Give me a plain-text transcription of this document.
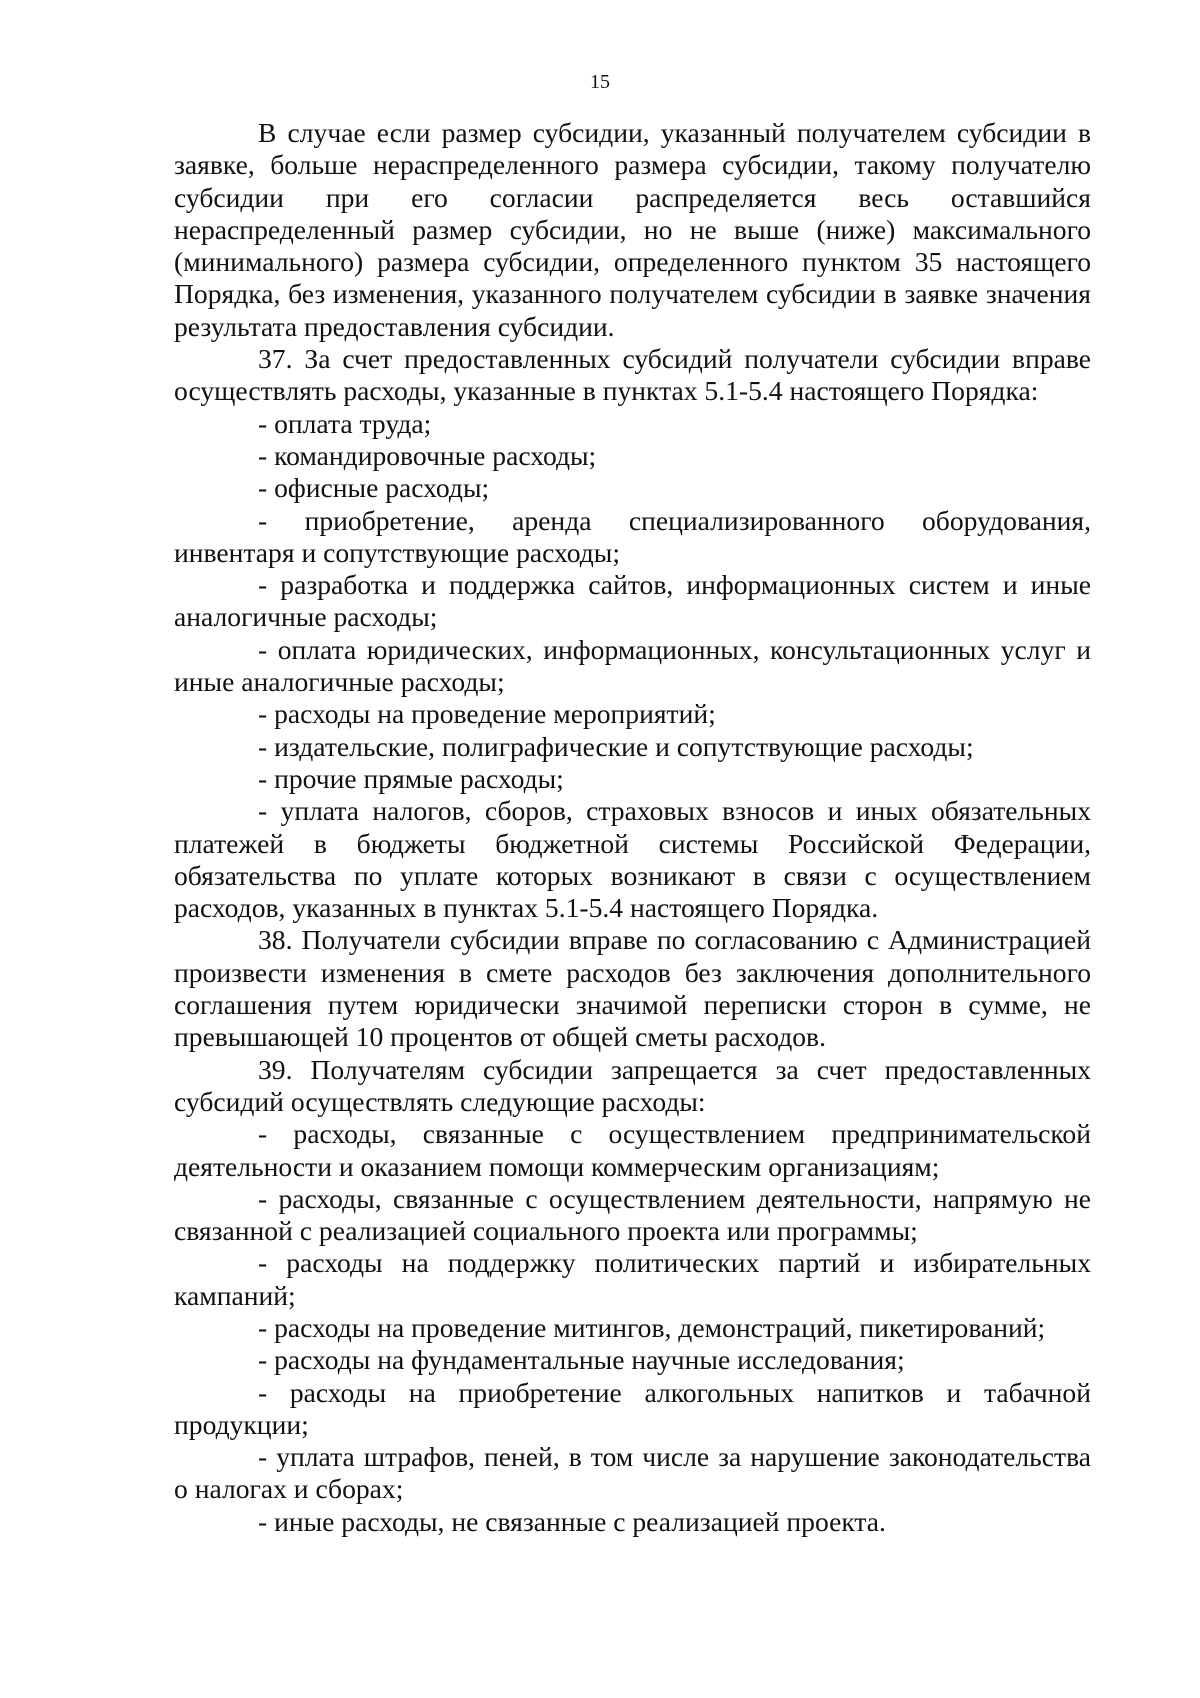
15

В случае если размер субсидии, указанный получателем субсидии в заявке, больше нераспределенного размера субсидии, такому получателю субсидии при его согласии распределяется весь оставшийся нераспределенный размер субсидии, но не выше (ниже) максимального (минимального) размера субсидии, определенного пунктом 35 настоящего Порядка, без изменения, указанного получателем субсидии в заявке значения результата предоставления субсидии.

37. За счет предоставленных субсидий получатели субсидии вправе осуществлять расходы, указанные в пунктах 5.1-5.4 настоящего Порядка:

- оплата труда;

- командировочные расходы;

- офисные расходы;

- приобретение, аренда специализированного оборудования, инвентаря и сопутствующие расходы;

- разработка и поддержка сайтов, информационных систем и иные аналогичные расходы;

- оплата юридических, информационных, консультационных услуг и иные аналогичные расходы;

- расходы на проведение мероприятий;

- издательские, полиграфические и сопутствующие расходы;

- прочие прямые расходы;

- уплата налогов, сборов, страховых взносов и иных обязательных платежей в бюджеты бюджетной системы Российской Федерации, обязательства по уплате которых возникают в связи с осуществлением расходов, указанных в пунктах 5.1-5.4 настоящего Порядка.

38. Получатели субсидии вправе по согласованию с Администрацией произвести изменения в смете расходов без заключения дополнительного соглашения путем юридически значимой переписки сторон в сумме, не превышающей 10 процентов от общей сметы расходов.

39. Получателям субсидии запрещается за счет предоставленных субсидий осуществлять следующие расходы:

- расходы, связанные с осуществлением предпринимательской деятельности и оказанием помощи коммерческим организациям;

- расходы, связанные с осуществлением деятельности, напрямую не связанной с реализацией социального проекта или программы;

- расходы на поддержку политических партий и избирательных кампаний;

- расходы на проведение митингов, демонстраций, пикетирований;

- расходы на фундаментальные научные исследования;

- расходы на приобретение алкогольных напитков и табачной продукции;

- уплата штрафов, пеней, в том числе за нарушение законодательства о налогах и сборах;

- иные расходы, не связанные с реализацией проекта.
